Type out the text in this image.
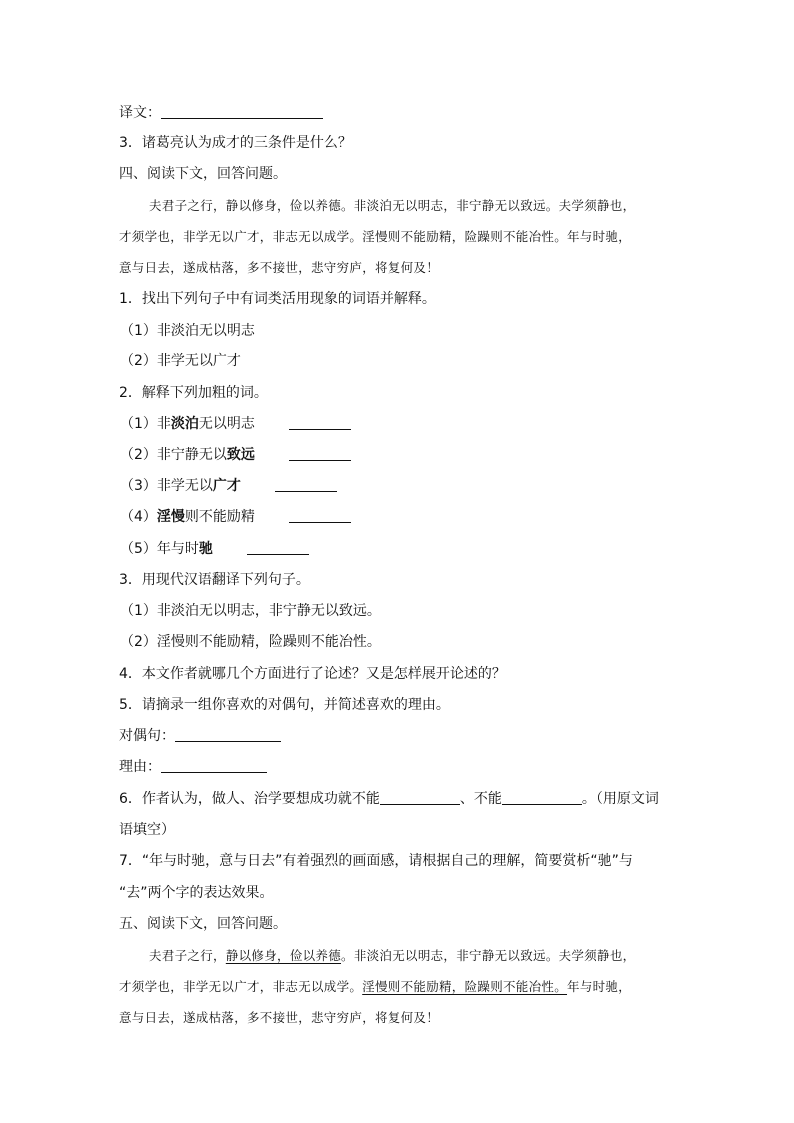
译文：
3．诸葛亮认为成才的三条件是什么？
四、阅读下文，回答问题。
夫君子之行，静以修身，俭以养德。非淡泊无以明志，非宁静无以致远。夫学须静也，
才须学也，非学无以广才，非志无以成学。淫慢则不能励精，险躁则不能冶性。年与时驰，
意与日去，遂成枯落，多不接世，悲守穷庐，将复何及！
1．找出下列句子中有词类活用现象的词语并解释。
（1）非淡泊无以明志
（2）非学无以广才
2．解释下列加粗的词。
（1）非淡泊无以明志
（2）非宁静无以致远
（3）非学无以广才
（4）淫慢则不能励精
（5）年与时驰
3．用现代汉语翻译下列句子。
（1）非淡泊无以明志，非宁静无以致远。
（2）淫慢则不能励精，险躁则不能冶性。
4．本文作者就哪几个方面进行了论述？又是怎样展开论述的？
5．请摘录一组你喜欢的对偶句，并简述喜欢的理由。
对偶句：
理由：
6．作者认为，做人、治学要想成功就不能	、不能	。（用原文词
语填空）
7．“年与时驰，意与日去”有着强烈的画面感，请根据自己的理解，简要赏析“驰”与
“去”两个字的表达效果。
五、阅读下文，回答问题。
夫君子之行，静以修身，俭以养德。非淡泊无以明志，非宁静无以致远。夫学须静也，
才须学也，非学无以广才，非志无以成学。淫慢则不能励精，险躁则不能冶性。年与时驰，
意与日去，遂成枯落，多不接世，悲守穷庐，将复何及！
